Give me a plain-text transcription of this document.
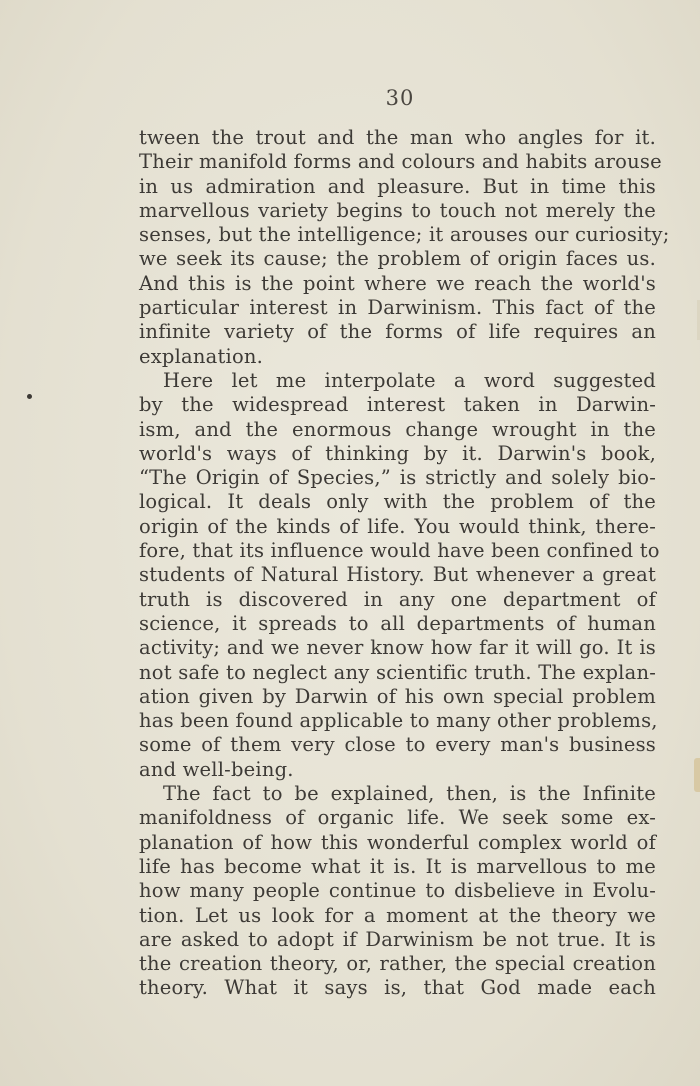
30
tween the trout and the man who angles for it.
Their manifold forms and colours and habits arouse
in us admiration and pleasure. But in time this
marvellous variety begins to touch not merely the
senses, but the intelligence; it arouses our curiosity;
we seek its cause; the problem of origin faces us.
And this is the point where we reach the world's
particular interest in Darwinism. This fact of the
infinite variety of the forms of life requires an
explanation.
Here let me interpolate a word suggested
by the widespread interest taken in Darwin-
ism, and the enormous change wrought in the
world's ways of thinking by it. Darwin's book,
“The Origin of Species,” is strictly and solely bio-
logical. It deals only with the problem of the
origin of the kinds of life. You would think, there-
fore, that its influence would have been confined to
students of Natural History. But whenever a great
truth is discovered in any one department of
science, it spreads to all departments of human
activity; and we never know how far it will go. It is
not safe to neglect any scientific truth. The explan-
ation given by Darwin of his own special problem
has been found applicable to many other problems,
some of them very close to every man's business
and well-being.
The fact to be explained, then, is the Infinite
manifoldness of organic life. We seek some ex-
planation of how this wonderful complex world of
life has become what it is. It is marvellous to me
how many people continue to disbelieve in Evolu-
tion. Let us look for a moment at the theory we
are asked to adopt if Darwinism be not true. It is
the creation theory, or, rather, the special creation
theory. What it says is, that God made each
